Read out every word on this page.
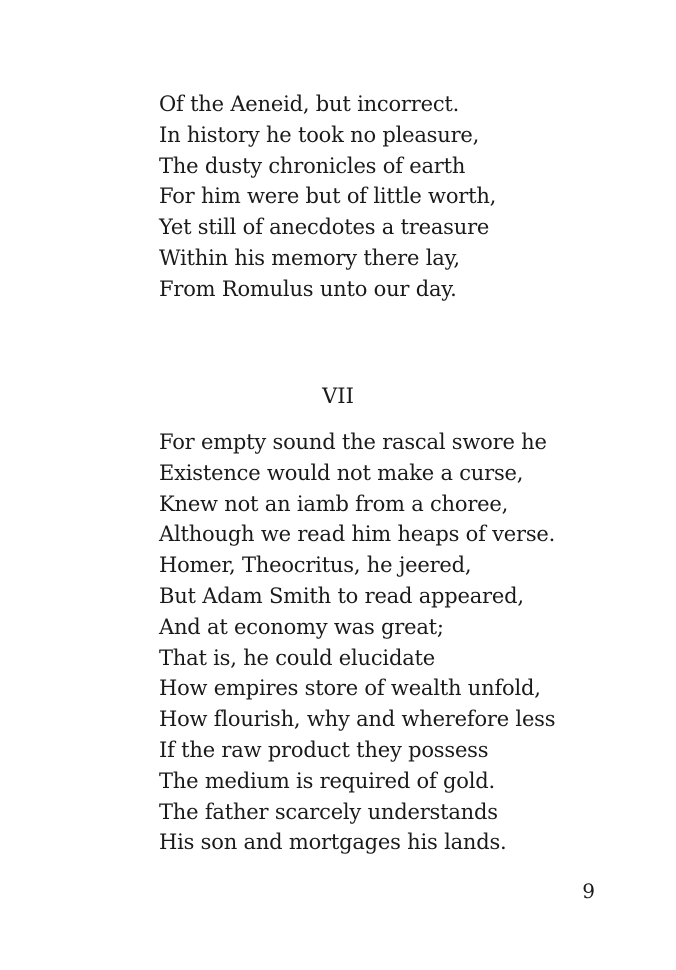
Of the Aeneid, but incorrect.
In history he took no pleasure,
The dusty chronicles of earth
For him were but of little worth,
Yet still of anecdotes a treasure
Within his memory there lay,
From Romulus unto our day.
VII
For empty sound the rascal swore he
Existence would not make a curse,
Knew not an iamb from a choree,
Although we read him heaps of verse.
Homer, Theocritus, he jeered,
But Adam Smith to read appeared,
And at economy was great;
That is, he could elucidate
How empires store of wealth unfold,
How flourish, why and wherefore less
If the raw product they possess
The medium is required of gold.
The father scarcely understands
His son and mortgages his lands.
9
